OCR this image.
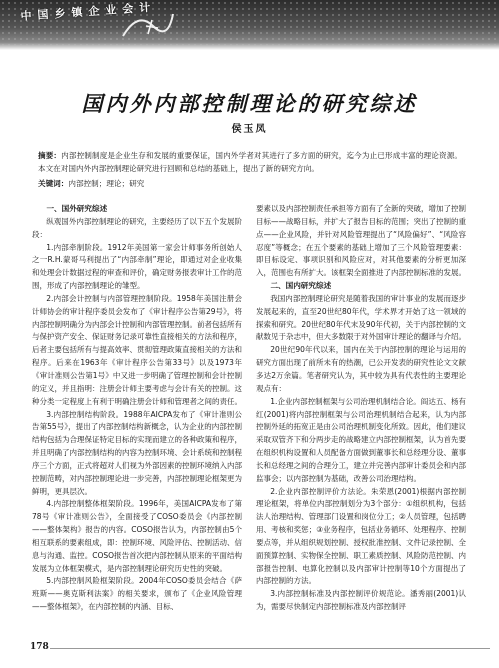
中国乡镇企业会计
国内外内部控制理论的研究综述
侯玉凤
摘要：内部控制制度是企业生存和发展的重要保证，国内外学者对其进行了多方面的研究，迄今为止已形成丰富的理论资源。本文在对国内外内部控制理论研究进行回顾和总结的基础上，提出了新的研究方向。
关键词：内部控制；理论；研究
一、国外研究综述

纵观国外内部控制理论的研究，主要经历了以下五个发展阶段：

1.内部牵制阶段。1912年美国第一家会计师事务所创始人之一R.H.蒙哥马利提出了“内部牵制”理论，即通过对企业收集和处理会计数据过程的审查和评价，确定财务报表审计工作的范围，形成了内部控制理论的雏型。

2.内部会计控制与内部管理控制阶段。1958年美国注册会计师协会的审计程序委员会发布了《审计程序公告第29号》，将内部控制明确分为内部会计控制和内部管理控制。前者包括所有与保护资产安全、保证财务记录可靠性直接相关的方法和程序，后者主要包括所有与提高效率、贯彻管理政策直接相关的方法和程序。后来在1963年《审计程序公告第33号》以及1973年《审计准则公告第1号》中又进一步明确了管理控制和会计控制的定义，并且指明：注册会计师主要考虑与会计有关的控制。这种分类一定程度上有利于明确注册会计师和管理者之间的责任。

3.内部控制结构阶段。1988年AICPA发布了《审计准则公告第55号》，提出了内部控制结构新概念，认为企业的内部控制结构包括为合理保证特定目标的实现而建立的各种政策和程序，并且明确了内部控制结构的内容为控制环境、会计系统和控制程序三个方面，正式将超对人们视为外部因素的控制环境纳入内部控制范畴，对内部控制理论进一步完善，内部控制理论框架更为鲜明，更具层次。

4.内部控制整体框架阶段。1996年，美国AICPA发布了第78号《审计准则公告》，全面接受了COSO委员会《内部控制——整体架构》报告的内容。COSO报告认为，内部控制由5个相互联系的要素组成，即：控制环境、风险评估、控制活动、信息与沟通、监控。COSO报告首次把内部控制从原来的平面结构发展为立体框架模式，是内部控制理论研究历史性的突破。

5.内部控制风险框架阶段。2004年COSO委员会结合《萨班斯——奥克斯利法案》的相关要求，颁布了《企业风险管理——整体框架》，在内部控制的内涵、目标、

要素以及内部控制责任承担等方面有了全新的突破，增加了控制目标——战略目标，并扩大了报告目标的范围；突出了控制的重点——企业风险，并针对风险管理提出了“风险偏好”、“风险容忍度”等概念；在五个要素的基础上增加了三个风险管理要素：即目标设定、事项识别和风险应对，对其他要素的分析更加深入，范围也有所扩大。该框架全面推进了内部控制标准的发展。

二、国内研究综述

我国内部控制理论研究是随着我国的审计事业的发展而逐步发展起来的，直至20世纪80年代，学术界才开始了这一领域的探索和研究。20世纪80年代末及90年代初，关于内部控制的文献数见于杂志中，但大多数限于对外国审计理论的翻译与介绍。

20世纪90年代以来，国内在关于内部控制的理论与运用的研究方面出现了前所未有的热潮，已公开发表的研究性论文文献多达2万余篇。笔者研究认为，其中较为具有代表性的主要理论观点有：

1.企业内部控制框架与公司治理机制结合论。阎达五、杨有红(2001)将内部控制框架与公司治理机制结合起来，认为内部控制外延的拓宽正是由公司治理机制变化所致。因此，他们建议采取双管齐下和分两步走的战略建立内部控制框架，认为首先要在组织机构设置和人员配备方面做到董事长和总经理分设、董事长和总经理之间的合理分工，建立并完善内部审计委员会和内部监事会；以内部控制为基础，改善公司治理结构。

2.企业内部控制评价方法论。朱荣恩(2001)根据内部控制理论框架，将单位内部控制划分为3个部分：①组织机构，包括法人治理结构、管理部门设置和岗位分工；②人员管理，包括聘用、考核和奖惩；③业务程序，包括业务循环、处理程序、控制要点等，并从组织规划控制、授权批准控制、文件记录控制、全面预算控制、实物保全控制、职工素质控制、风险防范控制、内部报告控制、电算化控制以及内部审计控制等10个方面提出了内部控制的方法。

3.内部控制标准及内部控制评价规范论。潘秀丽(2001)认为，需要尽快制定内部控制标准及内部控制评

178
